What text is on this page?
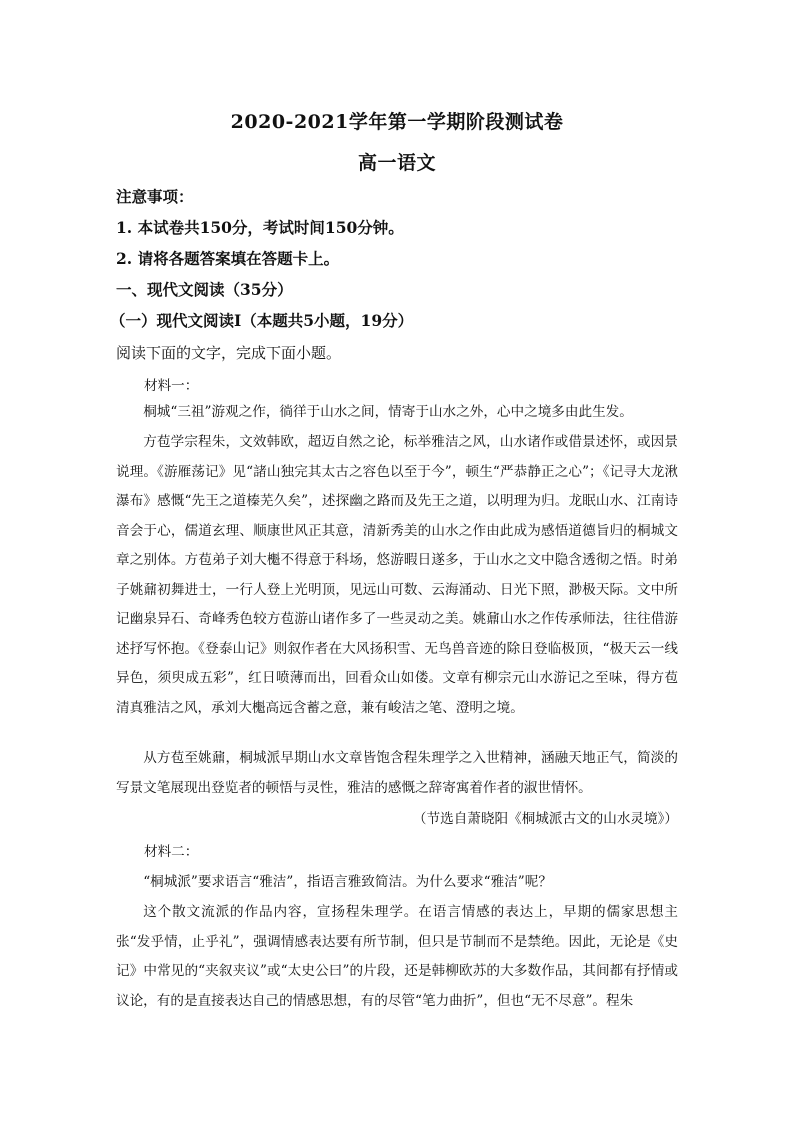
2020-2021学年第一学期阶段测试卷
高一语文
注意事项：
1. 本试卷共150分，考试时间150分钟。
2. 请将各题答案填在答题卡上。
一、现代文阅读（35分）
（一）现代文阅读Ⅰ（本题共5小题，19分）
阅读下面的文字，完成下面小题。
材料一：
桐城“三祖”游观之作，徜徉于山水之间，情寄于山水之外，心中之境多由此生发。
方苞学宗程朱，文效韩欧，超迈自然之论，标举雅洁之风，山水诸作或借景述怀，或因景说理。《游雁荡记》见“諸山独完其太古之容色以至于今”，顿生“严恭静正之心”；《记寻大龙湫瀑布》感慨“先王之道榛芜久矣”，述探幽之路而及先王之道，以明理为归。龙眠山水、江南诗音会于心，儒道玄理、顺康世风正其意，清新秀美的山水之作由此成为感悟道德旨归的桐城文章之别体。方苞弟子刘大櫆不得意于科场，悠游暇日遂多，于山水之文中隐含透彻之悟。时弟子姚鼐初舞进士，一行人登上光明顶，见远山可数、云海涌动、日光下照，渺极天际。文中所记幽泉异石、奇峰秀色较方苞游山诸作多了一些灵动之美。姚鼐山水之作传承师法，往往借游述抒写怀抱。《登泰山记》则叙作者在大风扬积雪、无鸟兽音迹的除日登临极顶，“极天云一线异色，须臾成五彩”，红日喷薄而出，回看众山如偻。文章有柳宗元山水游记之至味，得方苞清真雅洁之风，承刘大櫆高远含蓄之意，兼有峻洁之笔、澄明之境。
从方苞至姚鼐，桐城派早期山水文章皆饱含程朱理学之入世精神，涵融天地正气，简淡的写景文笔展现出登览者的顿悟与灵性，雅洁的感慨之辞寄寓着作者的淑世情怀。
（节选自萧晓阳《桐城派古文的山水灵境》）
材料二：
“桐城派”要求语言“雅洁”，指语言雅致简洁。为什么要求“雅洁”呢？
这个散文流派的作品内容，宣扬程朱理学。在语言情感的表达上，早期的儒家思想主张“发乎情，止乎礼”，强调情感表达要有所节制，但只是节制而不是禁绝。因此，无论是《史记》中常见的“夹叙夹议”或“太史公曰”的片段，还是韩柳欧苏的大多数作品，其间都有抒情或议论，有的是直接表达自己的情感思想，有的尽管“笔力曲折”，但也“无不尽意”。程朱
